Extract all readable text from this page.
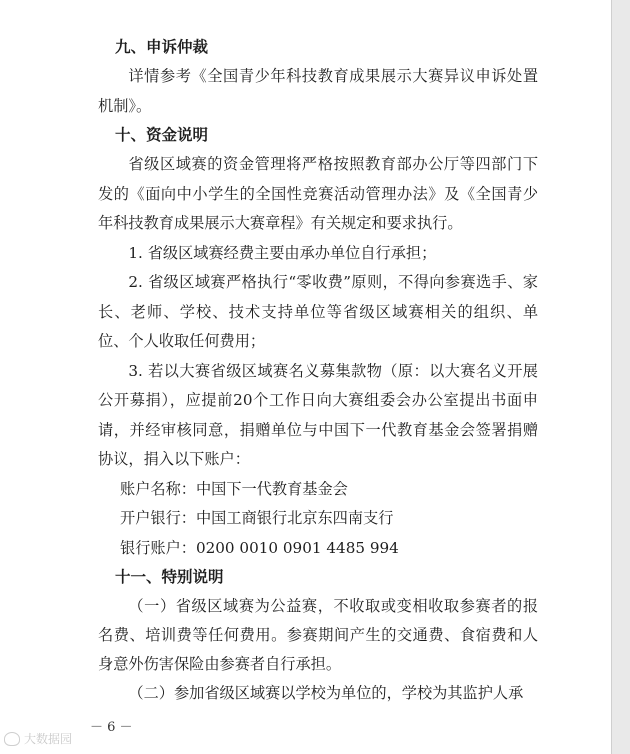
九、申诉仲裁
详情参考《全国青少年科技教育成果展示大赛异议申诉处置机制》。
十、资金说明
省级区域赛的资金管理将严格按照教育部办公厅等四部门下发的《面向中小学生的全国性竞赛活动管理办法》及《全国青少年科技教育成果展示大赛章程》有关规定和要求执行。
1. 省级区域赛经费主要由承办单位自行承担；
2. 省级区域赛严格执行“零收费”原则，不得向参赛选手、家长、老师、学校、技术支持单位等省级区域赛相关的组织、单位、个人收取任何费用；
3. 若以大赛省级区域赛名义募集款物（原：以大赛名义开展公开募捐），应提前20个工作日向大赛组委会办公室提出书面申请，并经审核同意，捐赠单位与中国下一代教育基金会签署捐赠协议，捐入以下账户：
账户名称：中国下一代教育基金会
开户银行：中国工商银行北京东四南支行
银行账户：0200 0010 0901 4485 994
十一、特别说明
（一）省级区域赛为公益赛，不收取或变相收取参赛者的报名费、培训费等任何费用。参赛期间产生的交通费、食宿费和人身意外伤害保险由参赛者自行承担。
（二）参加省级区域赛以学校为单位的，学校为其监护人承
－ 6 －
大数据园
